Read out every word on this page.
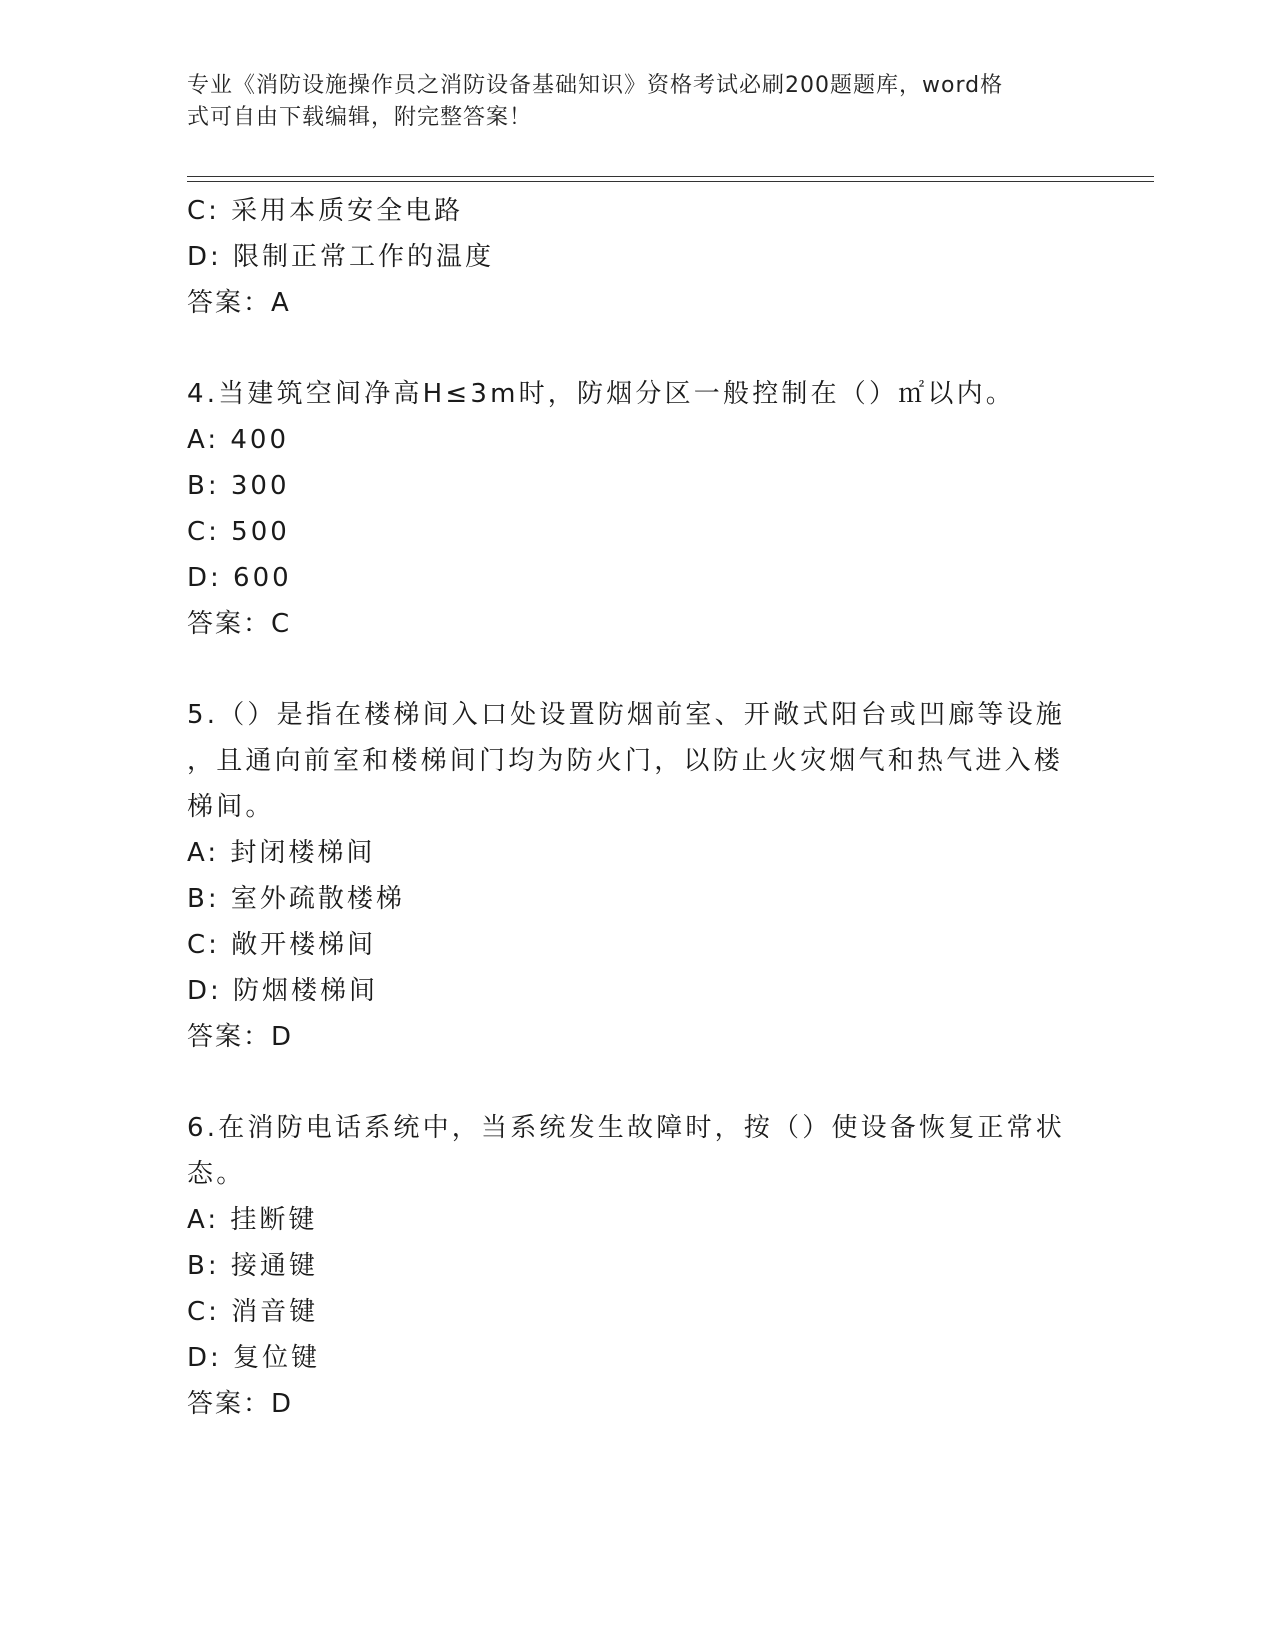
专业《消防设施操作员之消防设备基础知识》资格考试必刷200题题库，word格
式可自由下载编辑，附完整答案！
C: 采用本质安全电路
D: 限制正常工作的温度
答案：A
4.当建筑空间净高H≤3m时，防烟分区一般控制在（）㎡以内。
A: 400
B: 300
C: 500
D: 600
答案：C
5.（）是指在楼梯间入口处设置防烟前室、开敞式阳台或凹廊等设施
，且通向前室和楼梯间门均为防火门，以防止火灾烟气和热气进入楼
梯间。
A: 封闭楼梯间
B: 室外疏散楼梯
C: 敞开楼梯间
D: 防烟楼梯间
答案：D
6.在消防电话系统中，当系统发生故障时，按（）使设备恢复正常状
态。
A: 挂断键
B: 接通键
C: 消音键
D: 复位键
答案：D
